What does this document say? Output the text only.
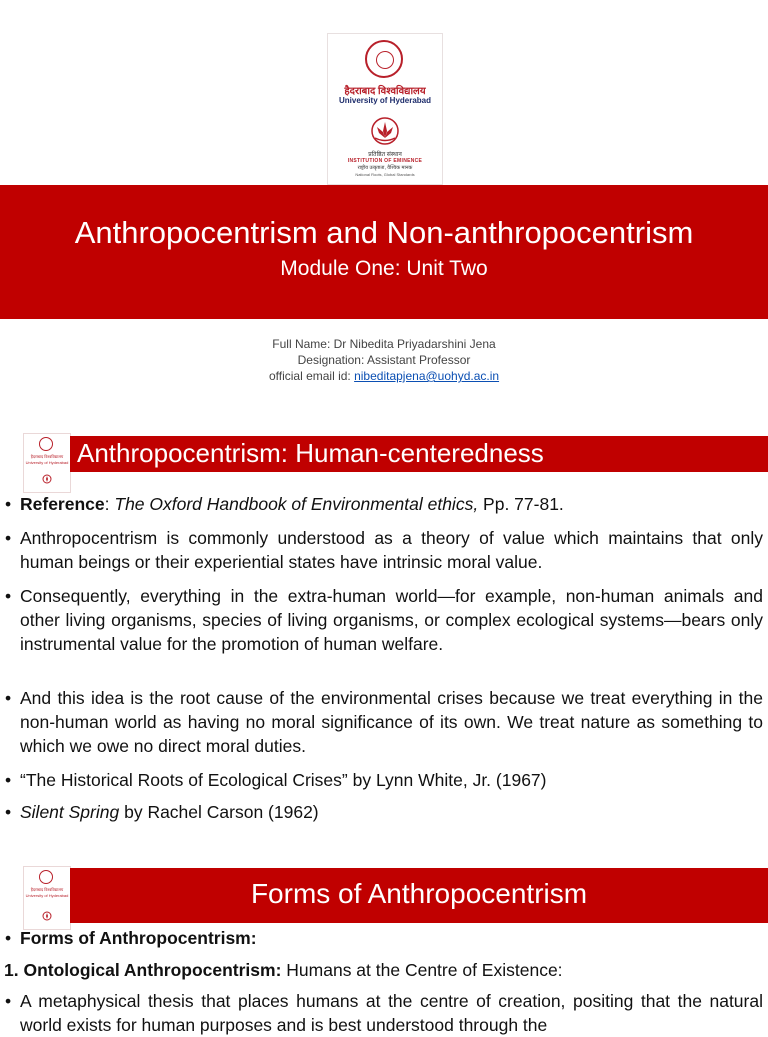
हैदराबाद विश्वविद्यालय
University of Hyderabad
प्रतिष्ठित संस्थान
INSTITUTION OF EMINENCE
राष्ट्रीय उत्कृष्टता, वैश्विक मानक
National Roots, Global Standards
Anthropocentrism and Non-anthropocentrism
Module One: Unit Two
Full Name: Dr Nibedita Priyadarshini Jena
Designation: Assistant Professor
official email id: nibeditapjena@uohyd.ac.in
हैदराबाद विश्वविद्यालय University of Hyderabad Anthropocentrism: Human-centeredness
• Reference: The Oxford Handbook of Environmental ethics, Pp. 77-81.
• Anthropocentrism is commonly understood as a theory of value which maintains that only human beings or their experiential states have intrinsic moral value.
• Consequently, everything in the extra-human world—for example, non-human animals and other living organisms, species of living organisms, or complex ecological systems—bears only instrumental value for the promotion of human welfare.
• And this idea is the root cause of the environmental crises because we treat everything in the non-human world as having no moral significance of its own. We treat nature as something to which we owe no direct moral duties.
• “The Historical Roots of Ecological Crises” by Lynn White, Jr. (1967)
• Silent Spring by Rachel Carson (1962)
हैदराबाद विश्वविद्यालय University of Hyderabad	Forms of Anthropocentrism
• Forms of Anthropocentrism:
1. Ontological Anthropocentrism: Humans at the Centre of Existence:
• A metaphysical thesis that places humans at the centre of creation, positing that the natural world exists for human purposes and is best understood through the
